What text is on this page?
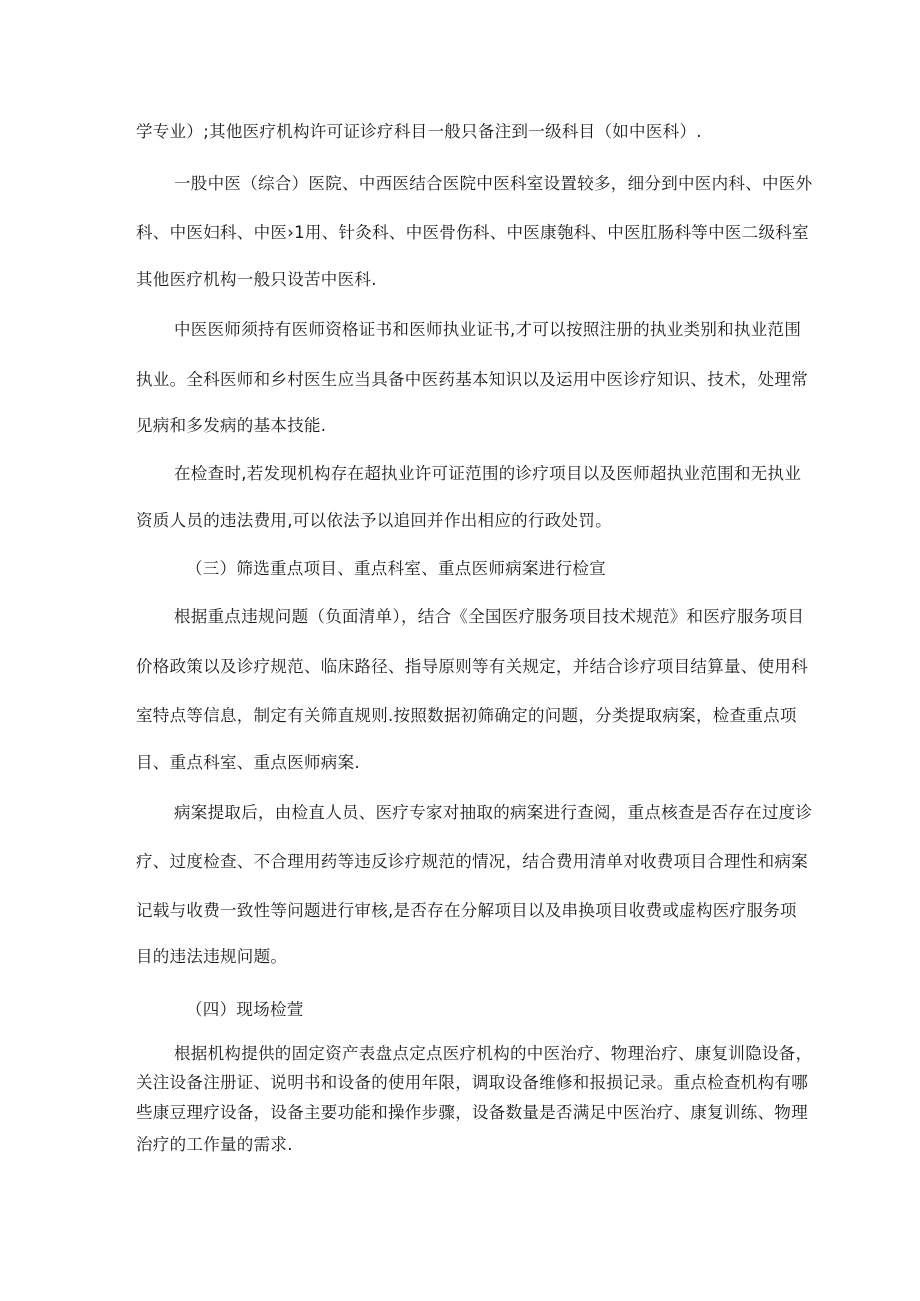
学专业）;其他医疗机构许可证诊疗科目一般只备注到一级科目（如中医科）.
一股中医（综合）医院、中西医结合医院中医科室设置较多，细分到中医内科、中医外
科、中医妇科、中医›1用、针灸科、中医骨伤科、中医康匏科、中医肛肠科等中医二级科室
其他医疗机构一般只设苦中医科.
中医医师须持有医师资格证书和医师执业证书,才可以按照注册的执业类别和执业范围
执业。全科医师和乡村医生应当具备中医药基本知识以及运用中医诊疗知识、技术，处理常
见病和多发病的基本技能.
在检查时,若发现机构存在超执业许可证范围的诊疗项目以及医师超执业范围和无执业
资质人员的违法费用,可以依法予以追回并作出相应的行政处罚。
（三）筛选重点项目、重点科室、重点医师病案进行检宣
根据重点违规问题（负面清单），结合《全国医疗服务项目技术规范》和医疗服务项目
价格政策以及诊疗规范、临床路径、指导原则等有关规定，并结合诊疗项目结算量、使用科
室特点等信息，制定有关筛直规则.按照数据初筛确定的问题，分类提取病案，检查重点项
目、重点科室、重点医师病案.
病案提取后，由检直人员、医疗专家对抽取的病案进行查阅，重点核查是否存在过度诊
疗、过度检查、不合理用药等违反诊疗规范的情况，结合费用清单对收费项目合理性和病案
记载与收费一致性等问题进行审核,是否存在分解项目以及串换项目收费或虚构医疗服务项
目的违法违规问题。
（四）现场检萱
根据机构提供的固定资产表盘点定点医疗机构的中医治疗、物理治疗、康复训隐设备，
关注设备注册证、说明书和设备的使用年限，调取设备维修和报损记录。重点检查机构有哪
些康豆理疗设备，设备主要功能和操作步骤，设备数量是否满足中医治疗、康复训练、物理
治疗的工作量的需求.
